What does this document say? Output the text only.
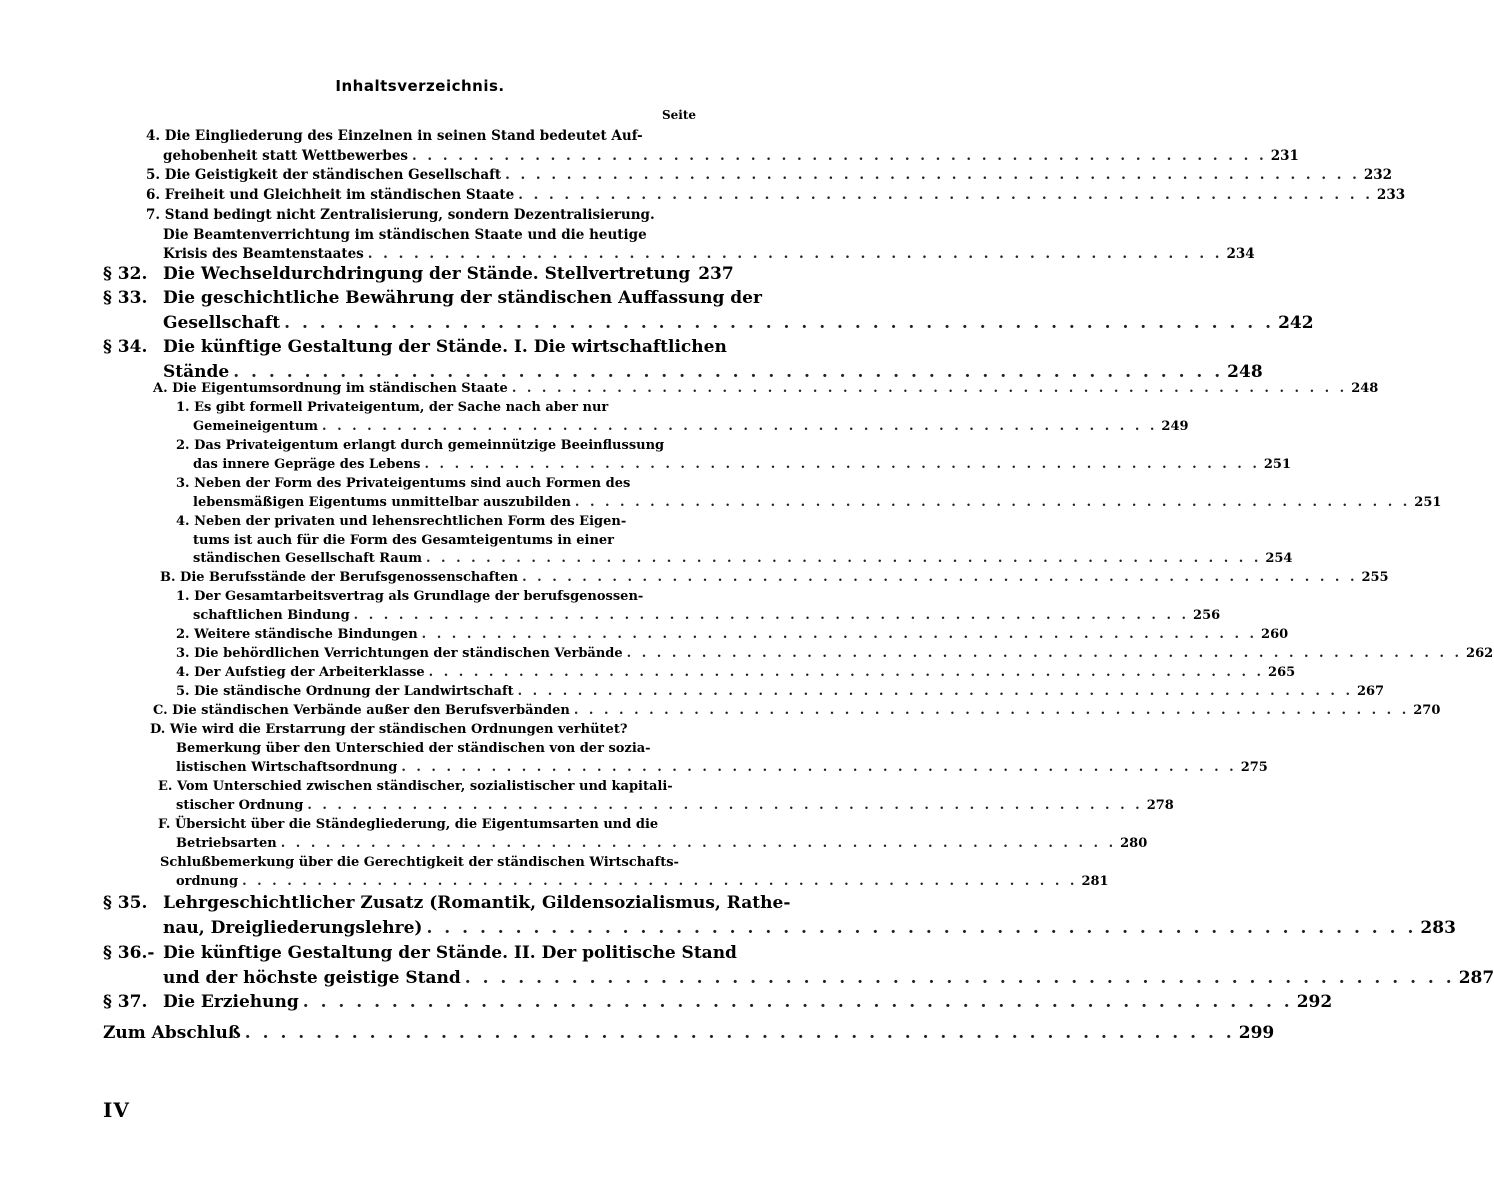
Inhaltsverzeichnis.
Seite
4. Die Eingliederung des Einzelnen in seinen Stand bedeutet Auf-
gehobenheit statt Wettbewerbes . . . . . . . . . . . . . . . . . . . . . . . . . . . . . . . . . . . . . . . . . . . . . . . . . . . . . . . . 231
5. Die Geistigkeit der ständischen Gesellschaft . . . . . . . . . . . . . . . . . . . . . . . . . . . . . . . . . . . . . . . . . . . . . . . . . . . . . . . . 232
6. Freiheit und Gleichheit im ständischen Staate . . . . . . . . . . . . . . . . . . . . . . . . . . . . . . . . . . . . . . . . . . . . . . . . . . . . . . . . 233
7. Stand bedingt nicht Zentralisierung, sondern Dezentralisierung.
Die Beamtenverrichtung im ständischen Staate und die heutige
Krisis des Beamtenstaates . . . . . . . . . . . . . . . . . . . . . . . . . . . . . . . . . . . . . . . . . . . . . . . . . . . . . . . . 234
§ 32. Die Wechseldurchdringung der Stände. Stellvertretung 237
§ 33. Die geschichtliche Bewährung der ständischen Auffassung der
Gesellschaft . . . . . . . . . . . . . . . . . . . . . . . . . . . . . . . . . . . . . . . . . . . . . . . . . . . . . . . . 242
§ 34. Die künftige Gestaltung der Stände. I. Die wirtschaftlichen
Stände . . . . . . . . . . . . . . . . . . . . . . . . . . . . . . . . . . . . . . . . . . . . . . . . . . . . . . . . 248
A. Die Eigentumsordnung im ständischen Staate . . . . . . . . . . . . . . . . . . . . . . . . . . . . . . . . . . . . . . . . . . . . . . . . . . . . . . . . 248
1. Es gibt formell Privateigentum, der Sache nach aber nur
Gemeineigentum . . . . . . . . . . . . . . . . . . . . . . . . . . . . . . . . . . . . . . . . . . . . . . . . . . . . . . . . 249
2. Das Privateigentum erlangt durch gemeinnützige Beeinflussung
das innere Gepräge des Lebens . . . . . . . . . . . . . . . . . . . . . . . . . . . . . . . . . . . . . . . . . . . . . . . . . . . . . . . . 251
3. Neben der Form des Privateigentums sind auch Formen des
lebensmäßigen Eigentums unmittelbar auszubilden . . . . . . . . . . . . . . . . . . . . . . . . . . . . . . . . . . . . . . . . . . . . . . . . . . . . . . . . 251
4. Neben der privaten und lehensrechtlichen Form des Eigen-
tums ist auch für die Form des Gesamteigentums in einer
ständischen Gesellschaft Raum . . . . . . . . . . . . . . . . . . . . . . . . . . . . . . . . . . . . . . . . . . . . . . . . . . . . . . . . 254
B. Die Berufsstände der Berufsgenossenschaften . . . . . . . . . . . . . . . . . . . . . . . . . . . . . . . . . . . . . . . . . . . . . . . . . . . . . . . . 255
1. Der Gesamtarbeitsvertrag als Grundlage der berufsgenossen-
schaftlichen Bindung . . . . . . . . . . . . . . . . . . . . . . . . . . . . . . . . . . . . . . . . . . . . . . . . . . . . . . . . 256
2. Weitere ständische Bindungen . . . . . . . . . . . . . . . . . . . . . . . . . . . . . . . . . . . . . . . . . . . . . . . . . . . . . . . . 260
3. Die behördlichen Verrichtungen der ständischen Verbände . . . . . . . . . . . . . . . . . . . . . . . . . . . . . . . . . . . . . . . . . . . . . . . . . . . . . . . . 262
4. Der Aufstieg der Arbeiterklasse . . . . . . . . . . . . . . . . . . . . . . . . . . . . . . . . . . . . . . . . . . . . . . . . . . . . . . . . 265
5. Die ständische Ordnung der Landwirtschaft . . . . . . . . . . . . . . . . . . . . . . . . . . . . . . . . . . . . . . . . . . . . . . . . . . . . . . . . 267
C. Die ständischen Verbände außer den Berufsverbänden . . . . . . . . . . . . . . . . . . . . . . . . . . . . . . . . . . . . . . . . . . . . . . . . . . . . . . . . 270
D. Wie wird die Erstarrung der ständischen Ordnungen verhütet?
Bemerkung über den Unterschied der ständischen von der sozia-
listischen Wirtschaftsordnung . . . . . . . . . . . . . . . . . . . . . . . . . . . . . . . . . . . . . . . . . . . . . . . . . . . . . . . . 275
E. Vom Unterschied zwischen ständischer, sozialistischer und kapitali-
stischer Ordnung . . . . . . . . . . . . . . . . . . . . . . . . . . . . . . . . . . . . . . . . . . . . . . . . . . . . . . . . 278
F. Übersicht über die Ständegliederung, die Eigentumsarten und die
Betriebsarten . . . . . . . . . . . . . . . . . . . . . . . . . . . . . . . . . . . . . . . . . . . . . . . . . . . . . . . . 280
Schlußbemerkung über die Gerechtigkeit der ständischen Wirtschafts-
ordnung . . . . . . . . . . . . . . . . . . . . . . . . . . . . . . . . . . . . . . . . . . . . . . . . . . . . . . . . 281
§ 35. Lehrgeschichtlicher Zusatz (Romantik, Gildensozialismus, Rathe-
nau, Dreigliederungslehre) . . . . . . . . . . . . . . . . . . . . . . . . . . . . . . . . . . . . . . . . . . . . . . . . . . . . . . . . 283
§ 36.- Die künftige Gestaltung der Stände. II. Der politische Stand
und der höchste geistige Stand . . . . . . . . . . . . . . . . . . . . . . . . . . . . . . . . . . . . . . . . . . . . . . . . . . . . . . . . 287
§ 37. Die Erziehung . . . . . . . . . . . . . . . . . . . . . . . . . . . . . . . . . . . . . . . . . . . . . . . . . . . . . . . . 292
Zum Abschluß . . . . . . . . . . . . . . . . . . . . . . . . . . . . . . . . . . . . . . . . . . . . . . . . . . . . . . . . 299
IV
